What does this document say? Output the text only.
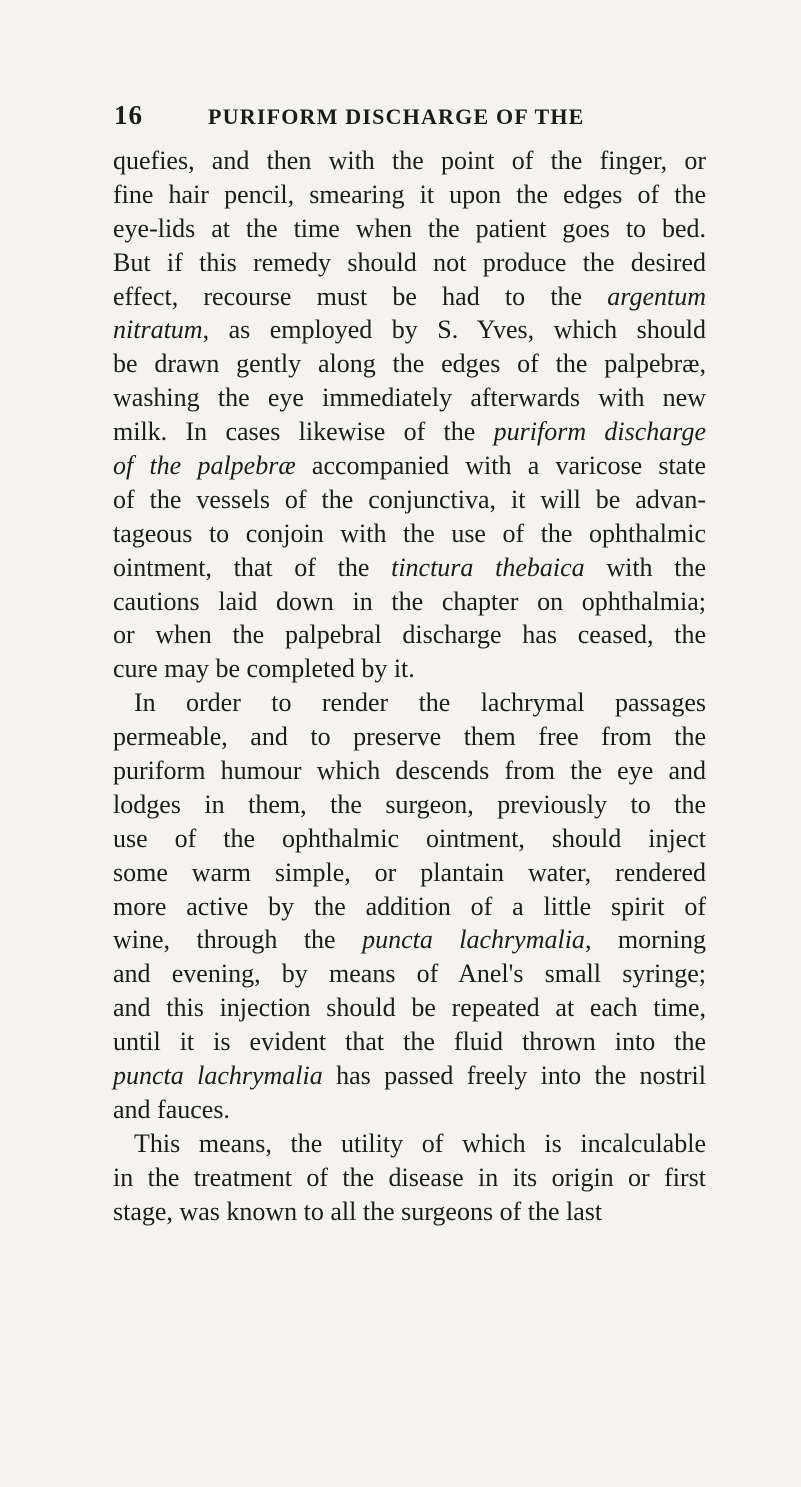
16	PURIFORM DISCHARGE OF THE
quefies, and then with the point of the finger, or
fine hair pencil, smearing it upon the edges of the
eye-lids at the time when the patient goes to bed.
But if this remedy should not produce the desired
effect, recourse must be had to the argentum
nitratum, as employed by S. Yves, which should
be drawn gently along the edges of the palpebræ,
washing the eye immediately afterwards with new
milk. In cases likewise of the puriform discharge
of the palpebræ accompanied with a varicose state
of the vessels of the conjunctiva, it will be advan-
tageous to conjoin with the use of the ophthalmic
ointment, that of the tinctura thebaica with the
cautions laid down in the chapter on ophthalmia;
or when the palpebral discharge has ceased, the
cure may be completed by it.
In order to render the lachrymal passages
permeable, and to preserve them free from the
puriform humour which descends from the eye and
lodges in them, the surgeon, previously to the
use of the ophthalmic ointment, should inject
some warm simple, or plantain water, rendered
more active by the addition of a little spirit of
wine, through the puncta lachrymalia, morning
and evening, by means of Anel's small syringe;
and this injection should be repeated at each time,
until it is evident that the fluid thrown into the
puncta lachrymalia has passed freely into the nostril
and fauces.
This means, the utility of which is incalculable
in the treatment of the disease in its origin or first
stage, was known to all the surgeons of the last
